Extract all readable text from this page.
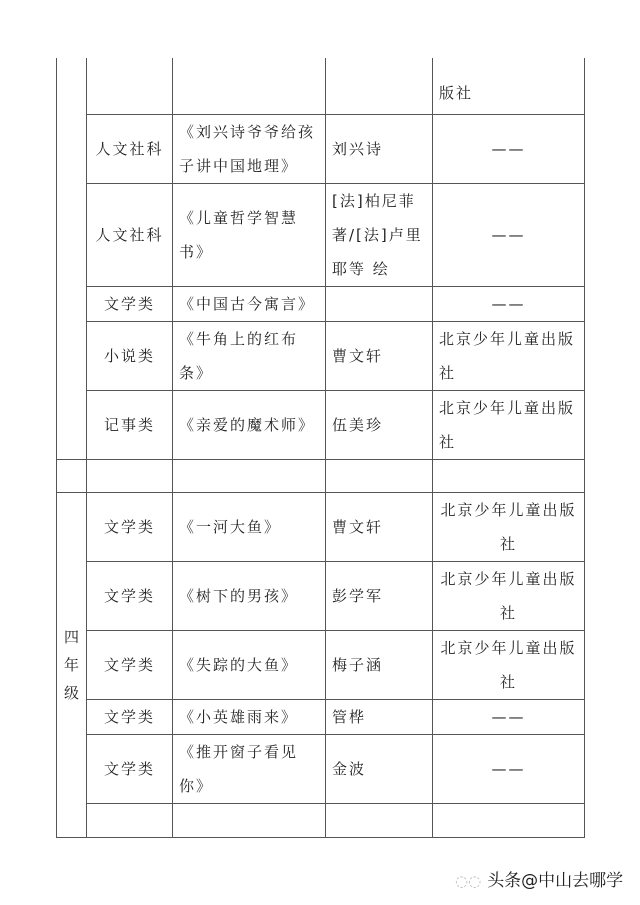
				版社
人文社科	《刘兴诗爷爷给孩子讲中国地理》	刘兴诗	——
人文社科	《儿童哲学智慧书》	[法]柏尼菲 著/[法]卢里耶等 绘	——
文学类	《中国古今寓言》		——
小说类	《牛角上的红布条》	曹文轩	北京少年儿童出版社
记事类	《亲爱的魔术师》	伍美珍	北京少年儿童出版社

四年级	文学类	《一河大鱼》	曹文轩	北京少年儿童出版社
文学类	《树下的男孩》	彭学军	北京少年儿童出版社
文学类	《失踪的大鱼》	梅子涵	北京少年儿童出版社
文学类	《小英雄雨来》	管桦	——
文学类	《推开窗子看见你》	金波	——

◌◌ 头条@中山去哪学
